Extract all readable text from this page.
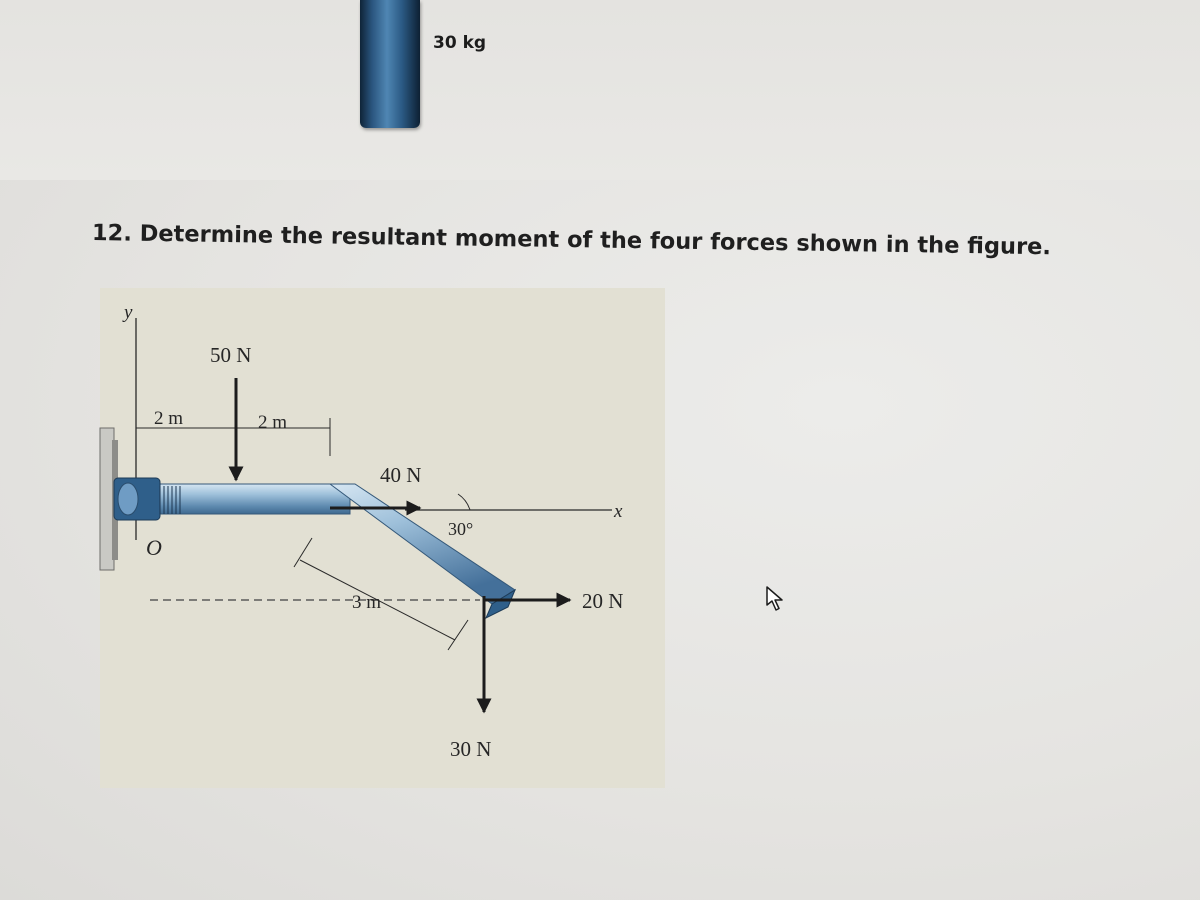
30 kg
12. Determine the resultant moment of the four forces shown in the figure.
y
x
O
2 m	2 m
50 N
40 N
30°
3 m	20 N
30 N
